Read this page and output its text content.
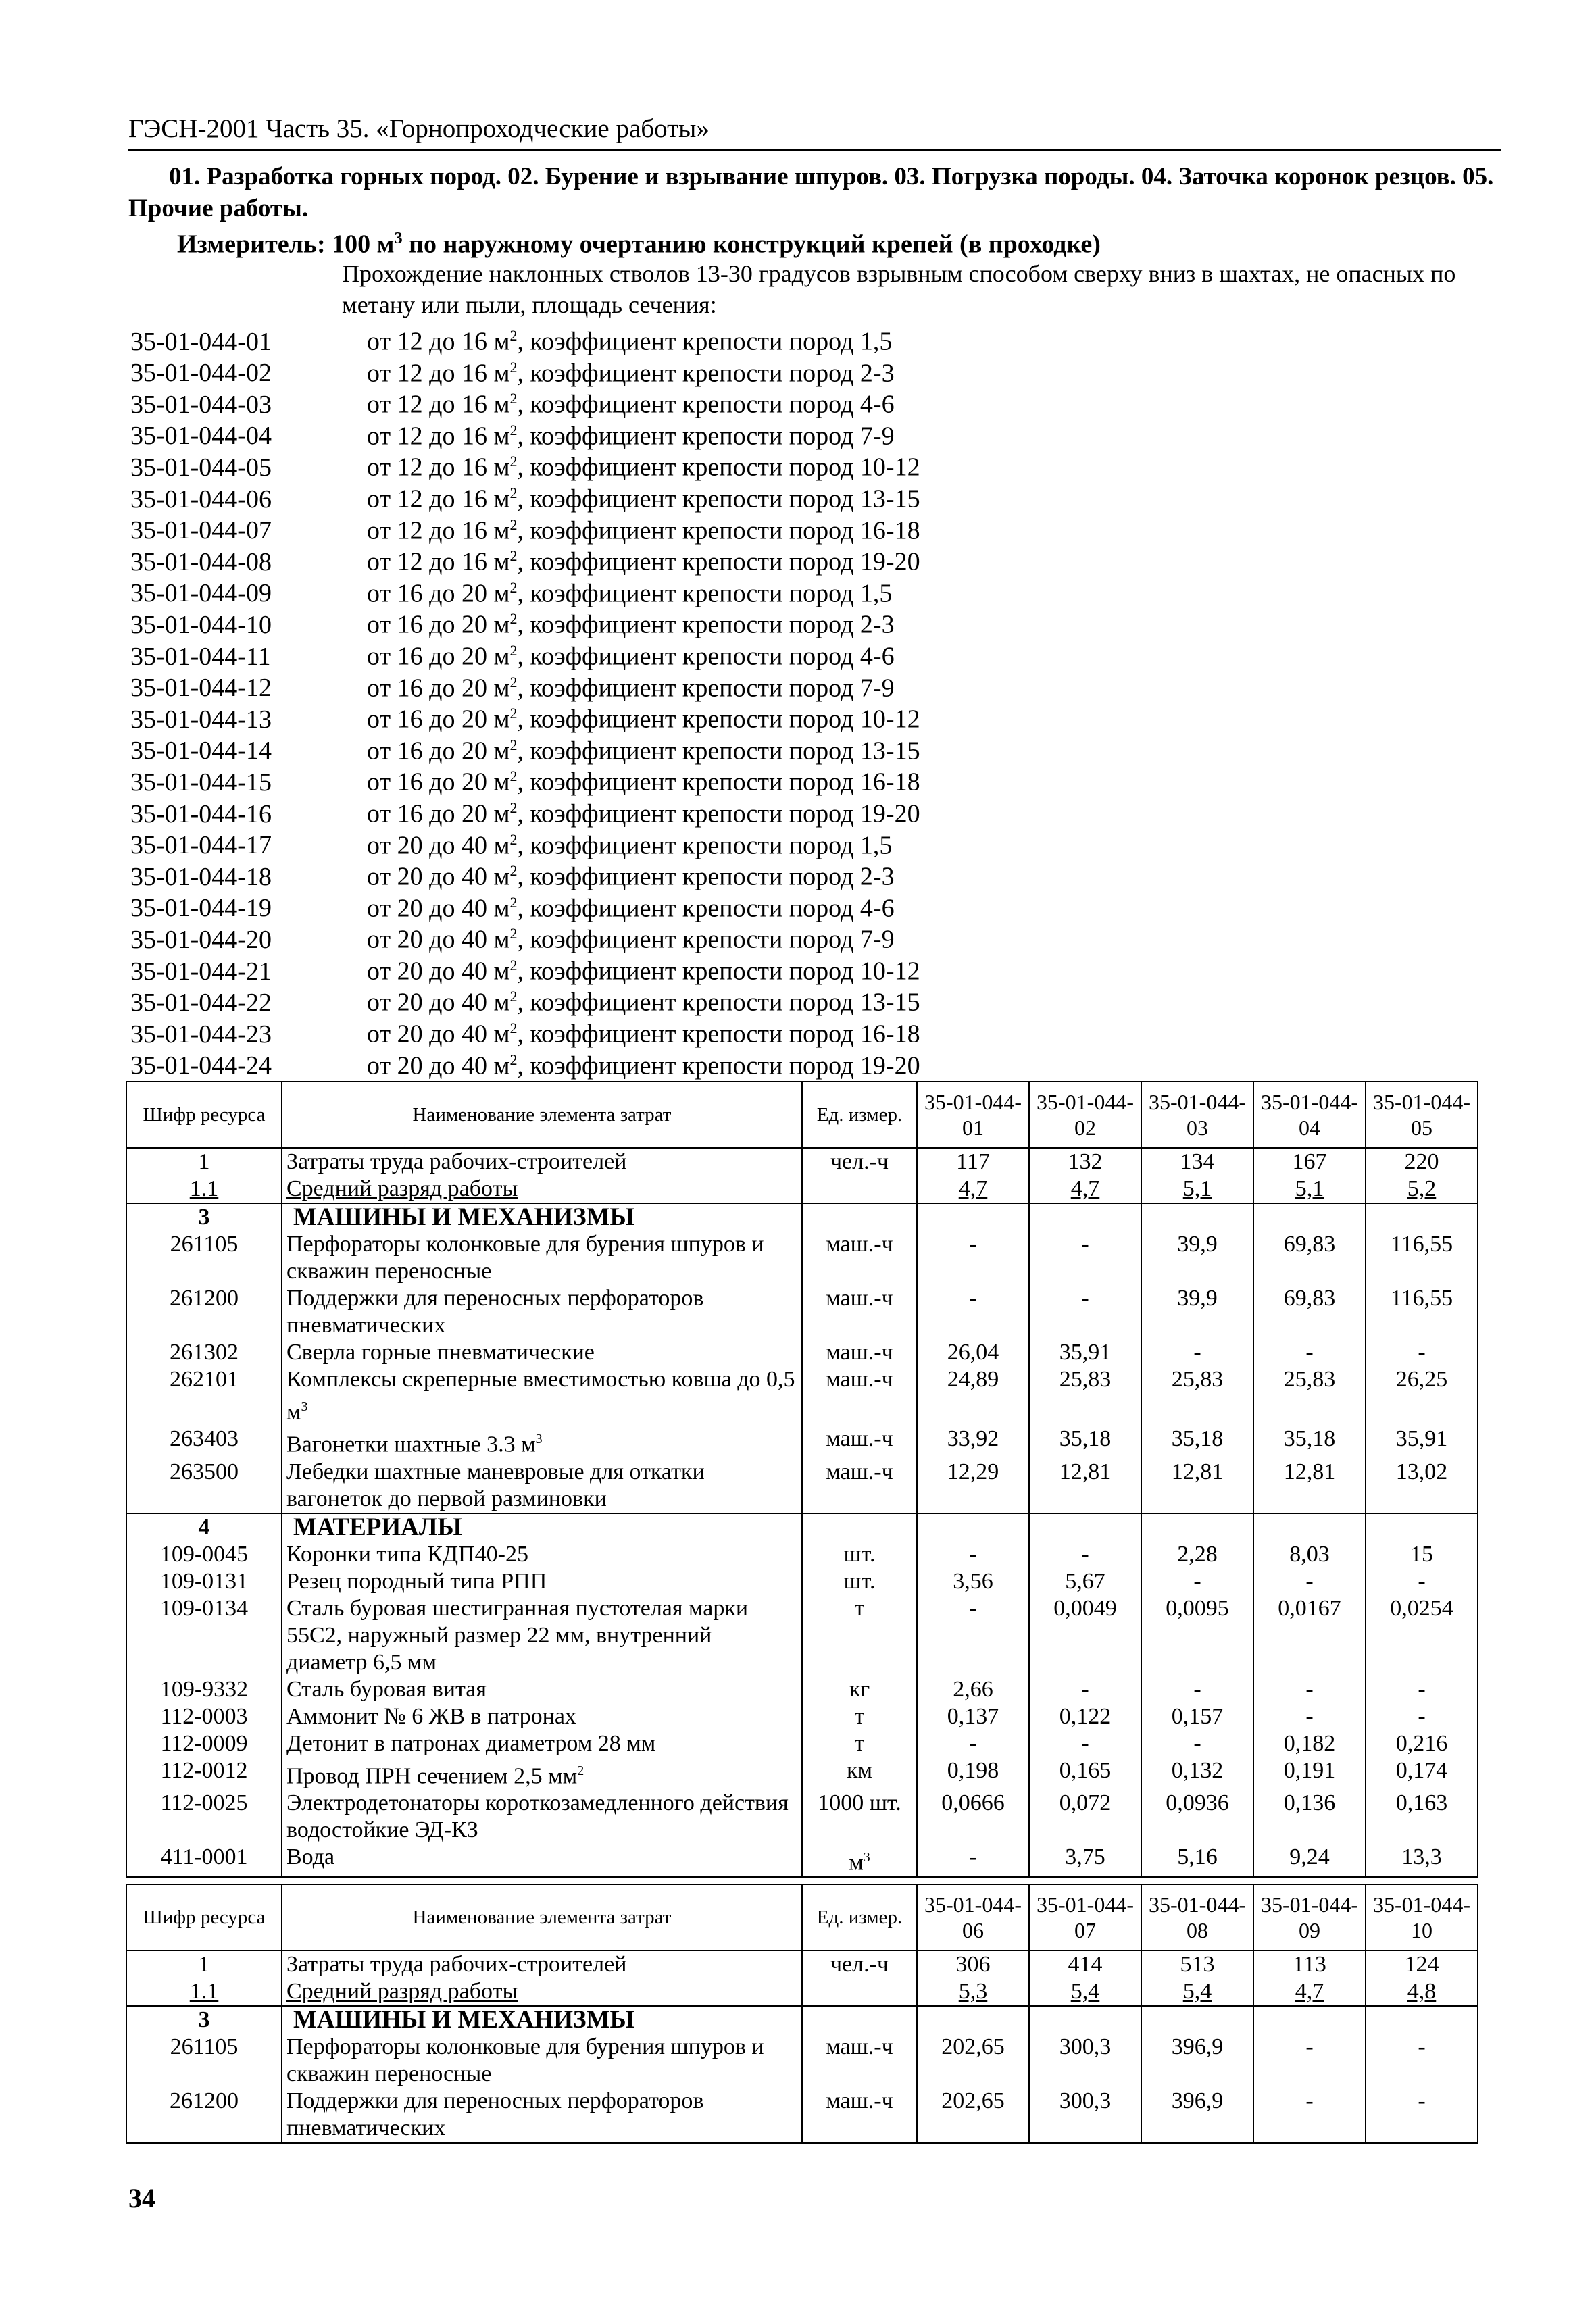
ГЭСН-2001 Часть 35. «Горнопроходческие работы»
01. Разработка горных пород. 02. Бурение и взрывание шпуров. 03. Погрузка породы. 04. Заточка коронок резцов. 05. Прочие работы.
Измеритель: 100 $м^3$ по наружному очертанию конструкций крепей (в проходке)
Прохождение наклонных стволов 13-30 градусов взрывным способом сверху вниз в шахтах, не опасных по метану или пыли, площадь сечения:
35-01-044-01	от 12 до 16 $м^2$, коэффициент крепости пород 1,5
35-01-044-02	от 12 до 16 $м^2$, коэффициент крепости пород 2-3
35-01-044-03	от 12 до 16 $м^2$, коэффициент крепости пород 4-6
35-01-044-04	от 12 до 16 $м^2$, коэффициент крепости пород 7-9
35-01-044-05	от 12 до 16 $м^2$, коэффициент крепости пород 10-12
35-01-044-06	от 12 до 16 $м^2$, коэффициент крепости пород 13-15
35-01-044-07	от 12 до 16 $м^2$, коэффициент крепости пород 16-18
35-01-044-08	от 12 до 16 $м^2$, коэффициент крепости пород 19-20
35-01-044-09	от 16 до 20 $м^2$, коэффициент крепости пород 1,5
35-01-044-10	от 16 до 20 $м^2$, коэффициент крепости пород 2-3
35-01-044-11	от 16 до 20 $м^2$, коэффициент крепости пород 4-6
35-01-044-12	от 16 до 20 $м^2$, коэффициент крепости пород 7-9
35-01-044-13	от 16 до 20 $м^2$, коэффициент крепости пород 10-12
35-01-044-14	от 16 до 20 $м^2$, коэффициент крепости пород 13-15
35-01-044-15	от 16 до 20 $м^2$, коэффициент крепости пород 16-18
35-01-044-16	от 16 до 20 $м^2$, коэффициент крепости пород 19-20
35-01-044-17	от 20 до 40 $м^2$, коэффициент крепости пород 1,5
35-01-044-18	от 20 до 40 $м^2$, коэффициент крепости пород 2-3
35-01-044-19	от 20 до 40 $м^2$, коэффициент крепости пород 4-6
35-01-044-20	от 20 до 40 $м^2$, коэффициент крепости пород 7-9
35-01-044-21	от 20 до 40 $м^2$, коэффициент крепости пород 10-12
35-01-044-22	от 20 до 40 $м^2$, коэффициент крепости пород 13-15
35-01-044-23	от 20 до 40 $м^2$, коэффициент крепости пород 16-18
35-01-044-24	от 20 до 40 $м^2$, коэффициент крепости пород 19-20
Шифр ресурса	Наименование элемента затрат	Ед. измер.	35-01-044-01	35-01-044-02	35-01-044-03	35-01-044-04	35-01-044-05
1	Затраты труда рабочих-строителей	чел.-ч	117	132	134	167	220
1.1	Средний разряд работы		4,7	4,7	5,1	5,1	5,2
3	МАШИНЫ И МЕХАНИЗМЫ						
261105	Перфораторы колонковые для бурения шпуров и скважин переносные	маш.-ч	-	-	39,9	69,83	116,55
261200	Поддержки для переносных перфораторов пневматических	маш.-ч	-	-	39,9	69,83	116,55
261302	Сверла горные пневматические	маш.-ч	26,04	35,91	-	-	-
262101	Комплексы скреперные вместимостью ковша до 0,5 $м^3$	маш.-ч	24,89	25,83	25,83	25,83	26,25
263403	Вагонетки шахтные 3.3 $м^3$	маш.-ч	33,92	35,18	35,18	35,18	35,91
263500	Лебедки шахтные маневровые для откатки вагонеток до первой разминовки	маш.-ч	12,29	12,81	12,81	12,81	13,02
4	МАТЕРИАЛЫ						
109-0045	Коронки типа КДП40-25	шт.	-	-	2,28	8,03	15
109-0131	Резец породный типа РПП	шт.	3,56	5,67	-	-	-
109-0134	Сталь буровая шестигранная пустотелая марки 55С2, наружный размер 22 мм, внутренний диаметр 6,5 мм	т	-	0,0049	0,0095	0,0167	0,0254
109-9332	Сталь буровая витая	кг	2,66	-	-	-	-
112-0003	Аммонит № 6 ЖВ в патронах	т	0,137	0,122	0,157	-	-
112-0009	Детонит в патронах диаметром 28 мм	т	-	-	-	0,182	0,216
112-0012	Провод ПРН сечением 2,5 $мм^2$	км	0,198	0,165	0,132	0,191	0,174
112-0025	Электродетонаторы короткозамедленного действия водостойкие ЭД-КЗ	1000 шт.	0,0666	0,072	0,0936	0,136	0,163
411-0001	Вода	$м^3$	-	3,75	5,16	9,24	13,3
Шифр ресурса	Наименование элемента затрат	Ед. измер.	35-01-044-06	35-01-044-07	35-01-044-08	35-01-044-09	35-01-044-10
1	Затраты труда рабочих-строителей	чел.-ч	306	414	513	113	124
1.1	Средний разряд работы		5,3	5,4	5,4	4,7	4,8
3	МАШИНЫ И МЕХАНИЗМЫ						
261105	Перфораторы колонковые для бурения шпуров и скважин переносные	маш.-ч	202,65	300,3	396,9	-	-
261200	Поддержки для переносных перфораторов пневматических	маш.-ч	202,65	300,3	396,9	-	-
34
